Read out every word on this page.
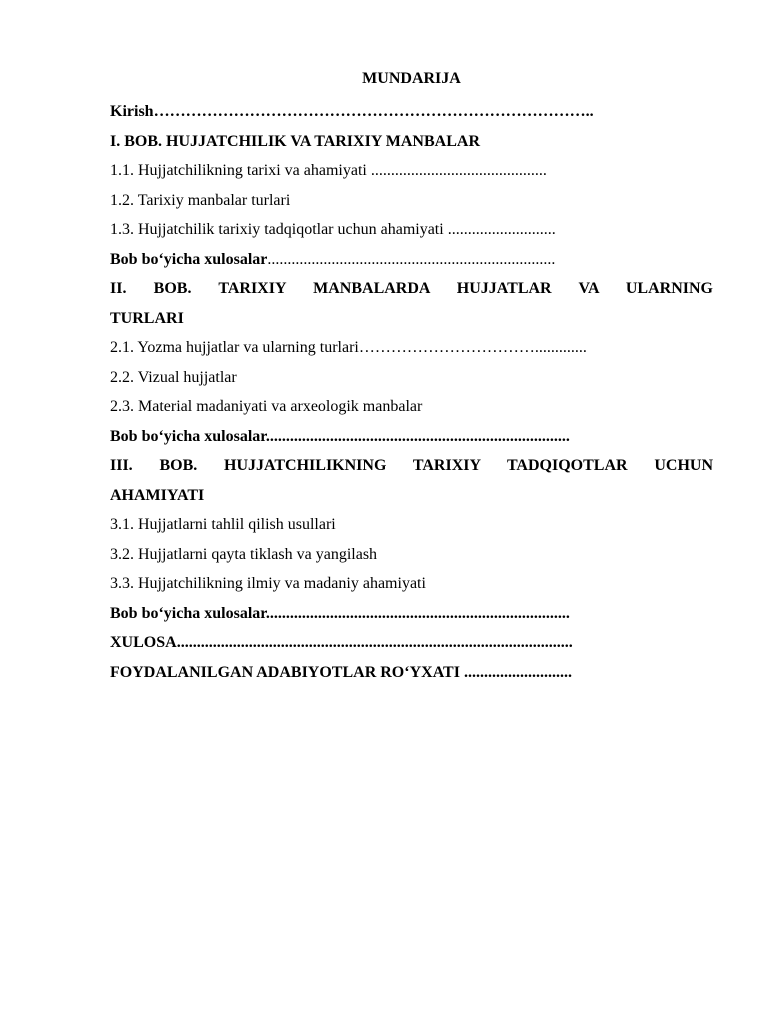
MUNDARIJA
Kirish………………………………………………………………………..
I. BOB. HUJJATCHILIK VA TARIXIY MANBALAR
1.1. Hujjatchilikning tarixi va ahamiyati ............................................
1.2. Tarixiy manbalar turlari
1.3. Hujjatchilik tarixiy tadqiqotlar uchun ahamiyati ...........................
Bob bo‘yicha xulosalar........................................................................
II. BOB. TARIXIY MANBALARDA HUJJATLAR VA ULARNING
TURLARI
2.1. Yozma hujjatlar va ularning turlari…………………………….............
2.2. Vizual hujjatlar
2.3. Material madaniyati va arxeologik manbalar
Bob bo‘yicha xulosalar............................................................................
III. BOB. HUJJATCHILIKNING TARIXIY TADQIQOTLAR UCHUN
AHAMIYATI
3.1. Hujjatlarni tahlil qilish usullari
3.2. Hujjatlarni qayta tiklash va yangilash
3.3. Hujjatchilikning ilmiy va madaniy ahamiyati
Bob bo‘yicha xulosalar............................................................................
XULOSA...................................................................................................
FOYDALANILGAN ADABIYOTLAR RO‘YXATI ...........................
